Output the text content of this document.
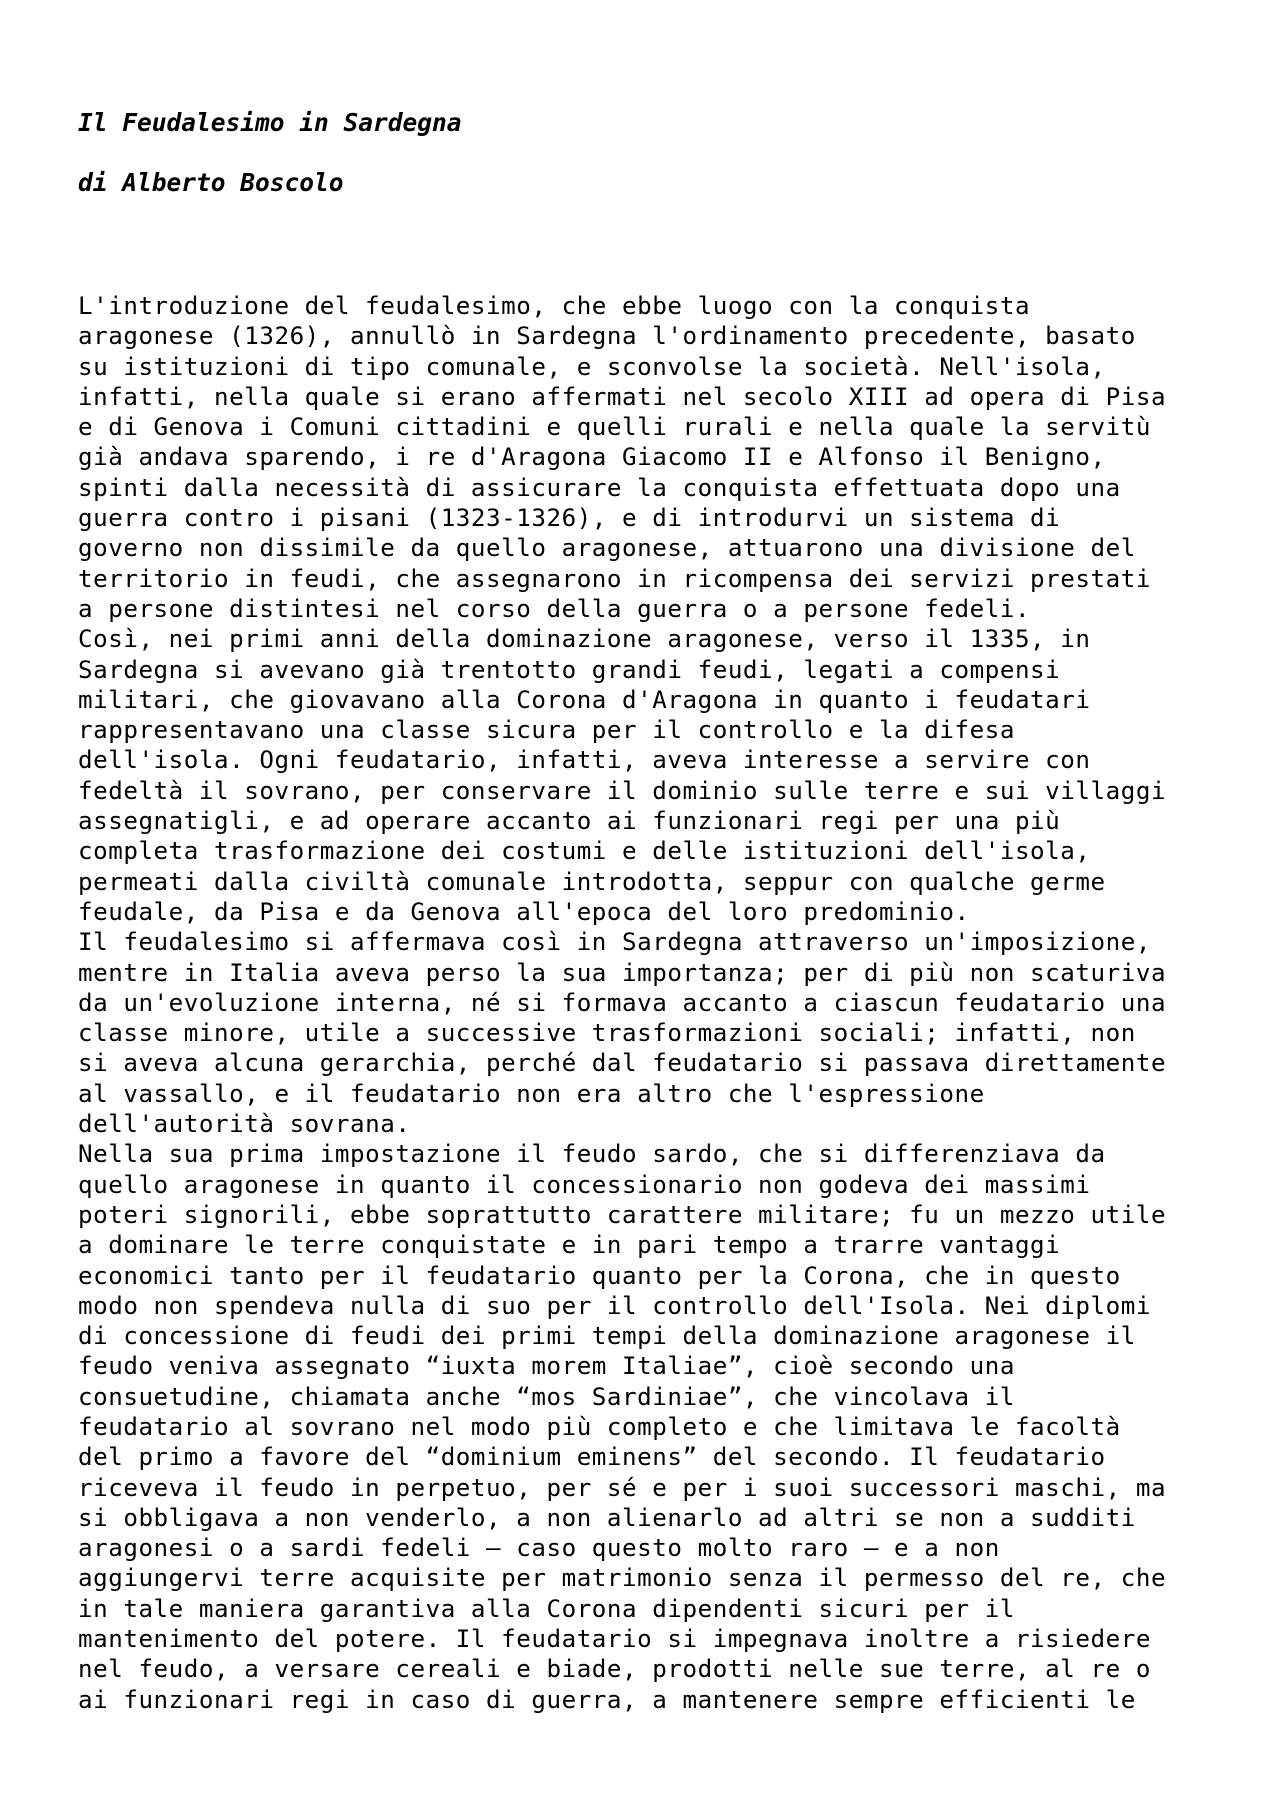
Il Feudalesimo in Sardegna
di Alberto Boscolo
L'introduzione del feudalesimo, che ebbe luogo con la conquista
aragonese (1326), annullò in Sardegna l'ordinamento precedente, basato
su istituzioni di tipo comunale, e sconvolse la società. Nell'isola,
infatti, nella quale si erano affermati nel secolo XIII ad opera di Pisa
e di Genova i Comuni cittadini e quelli rurali e nella quale la servitù
già andava sparendo, i re d'Aragona Giacomo II e Alfonso il Benigno,
spinti dalla necessità di assicurare la conquista effettuata dopo una
guerra contro i pisani (1323-1326), e di introdurvi un sistema di
governo non dissimile da quello aragonese, attuarono una divisione del
territorio in feudi, che assegnarono in ricompensa dei servizi prestati
a persone distintesi nel corso della guerra o a persone fedeli.
Così, nei primi anni della dominazione aragonese, verso il 1335, in
Sardegna si avevano già trentotto grandi feudi, legati a compensi
militari, che giovavano alla Corona d'Aragona in quanto i feudatari
rappresentavano una classe sicura per il controllo e la difesa
dell'isola. Ogni feudatario, infatti, aveva interesse a servire con
fedeltà il sovrano, per conservare il dominio sulle terre e sui villaggi
assegnatigli, e ad operare accanto ai funzionari regi per una più
completa trasformazione dei costumi e delle istituzioni dell'isola,
permeati dalla civiltà comunale introdotta, seppur con qualche germe
feudale, da Pisa e da Genova all'epoca del loro predominio.
Il feudalesimo si affermava così in Sardegna attraverso un'imposizione,
mentre in Italia aveva perso la sua importanza; per di più non scaturiva
da un'evoluzione interna, né si formava accanto a ciascun feudatario una
classe minore, utile a successive trasformazioni sociali; infatti, non
si aveva alcuna gerarchia, perché dal feudatario si passava direttamente
al vassallo, e il feudatario non era altro che l'espressione
dell'autorità sovrana.
Nella sua prima impostazione il feudo sardo, che si differenziava da
quello aragonese in quanto il concessionario non godeva dei massimi
poteri signorili, ebbe soprattutto carattere militare; fu un mezzo utile
a dominare le terre conquistate e in pari tempo a trarre vantaggi
economici tanto per il feudatario quanto per la Corona, che in questo
modo non spendeva nulla di suo per il controllo dell'Isola. Nei diplomi
di concessione di feudi dei primi tempi della dominazione aragonese il
feudo veniva assegnato “iuxta morem Italiae”, cioè secondo una
consuetudine, chiamata anche “mos Sardiniae”, che vincolava il
feudatario al sovrano nel modo più completo e che limitava le facoltà
del primo a favore del “dominium eminens” del secondo. Il feudatario
riceveva il feudo in perpetuo, per sé e per i suoi successori maschi, ma
si obbligava a non venderlo, a non alienarlo ad altri se non a sudditi
aragonesi o a sardi fedeli – caso questo molto raro – e a non
aggiungervi terre acquisite per matrimonio senza il permesso del re, che
in tale maniera garantiva alla Corona dipendenti sicuri per il
mantenimento del potere. Il feudatario si impegnava inoltre a risiedere
nel feudo, a versare cereali e biade, prodotti nelle sue terre, al re o
ai funzionari regi in caso di guerra, a mantenere sempre efficienti le
